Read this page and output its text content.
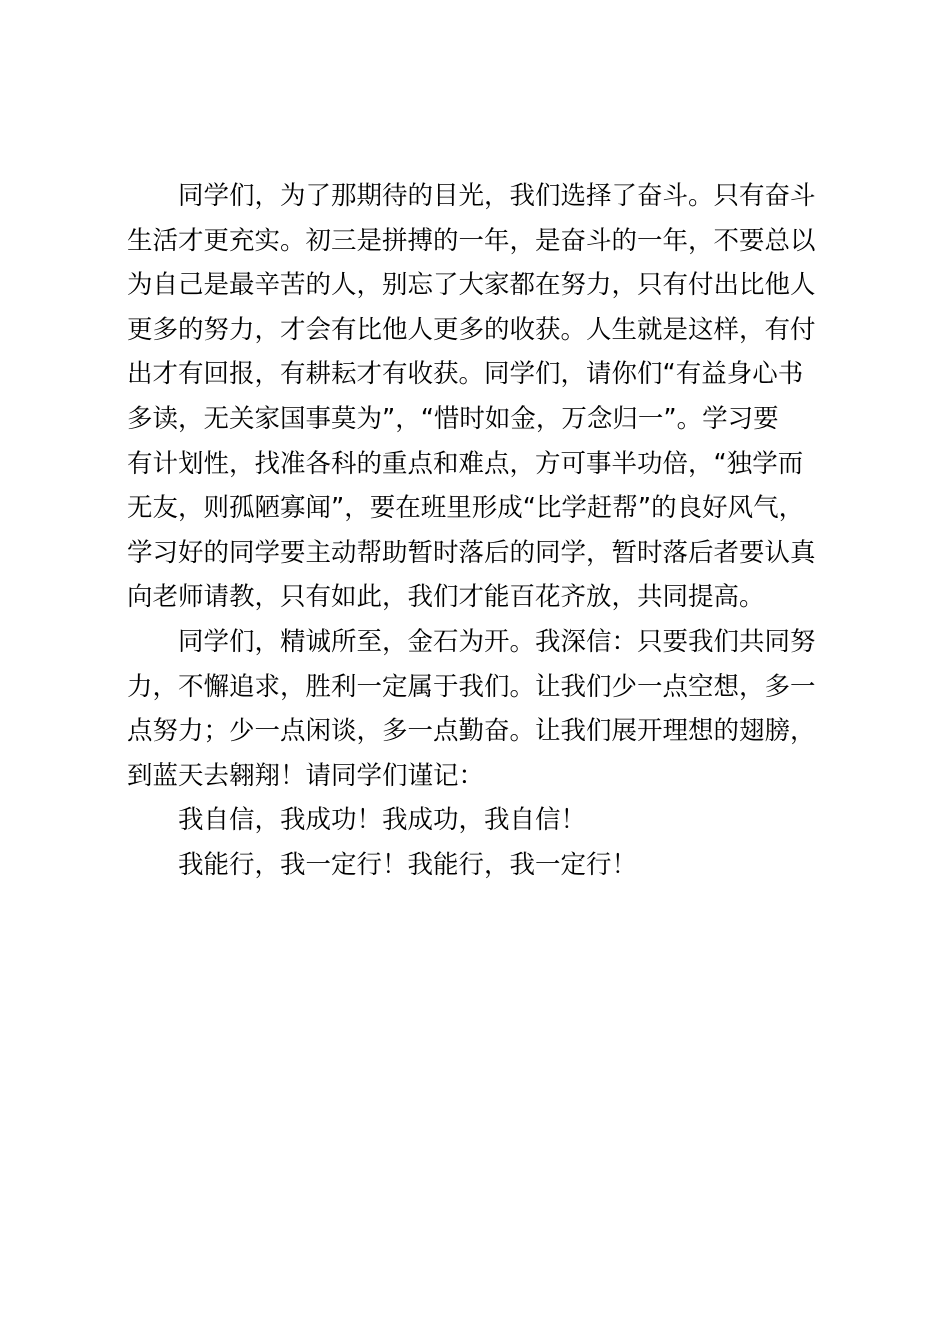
同学们，为了那期待的目光，我们选择了奋斗。只有奋斗
生活才更充实。初三是拼搏的一年，是奋斗的一年，不要总以
为自己是最辛苦的人，别忘了大家都在努力，只有付出比他人
更多的努力，才会有比他人更多的收获。人生就是这样，有付
出才有回报，有耕耘才有收获。同学们，请你们“有益身心书
多读，无关家国事莫为”，“惜时如金，万念归一”。学习要
有计划性，找准各科的重点和难点，方可事半功倍，“独学而
无友，则孤陋寡闻”，要在班里形成“比学赶帮”的良好风气，
学习好的同学要主动帮助暂时落后的同学，暂时落后者要认真
向老师请教，只有如此，我们才能百花齐放，共同提高。
同学们，精诚所至，金石为开。我深信：只要我们共同努
力，不懈追求，胜利一定属于我们。让我们少一点空想，多一
点努力；少一点闲谈，多一点勤奋。让我们展开理想的翅膀，
到蓝天去翱翔！请同学们谨记：
我自信，我成功！我成功，我自信！
我能行，我一定行！我能行，我一定行！
